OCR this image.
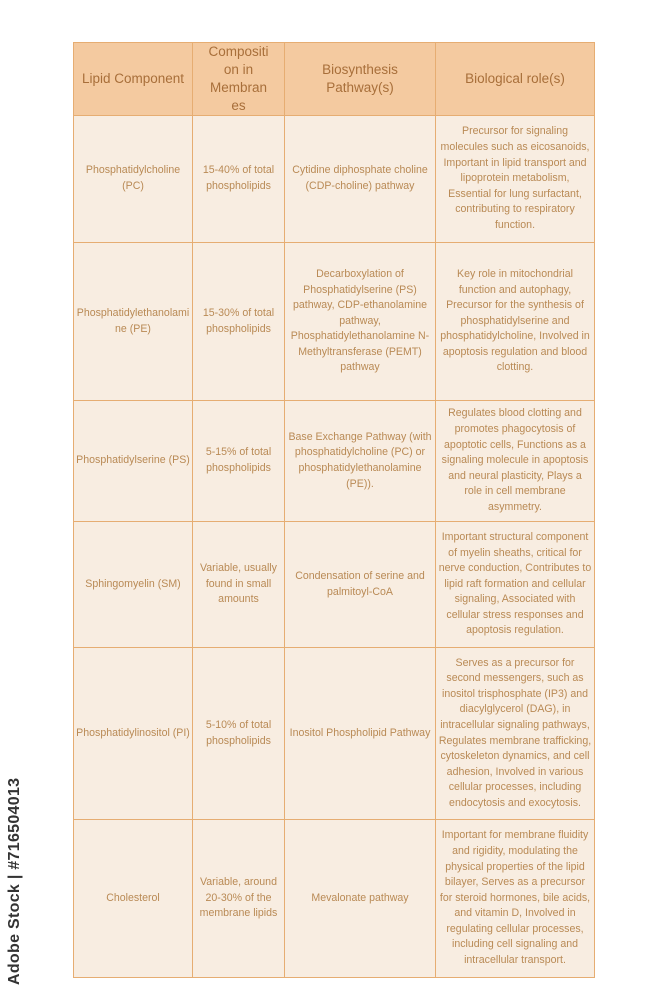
Lipid Component	Composition in Membranes	Biosynthesis Pathway(s)	Biological role(s)
Phosphatidylcholine (PC)	15-40% of total phospholipids	Cytidine diphosphate choline (CDP-choline) pathway	Precursor for signaling molecules such as eicosanoids, Important in lipid transport and lipoprotein metabolism, Essential for lung surfactant, contributing to respiratory function.
Phosphatidylethanolamine (PE)	15-30% of total phospholipids	Decarboxylation of Phosphatidylserine (PS) pathway, CDP-ethanolamine pathway, Phosphatidylethanolamine N-Methyltransferase (PEMT) pathway	Key role in mitochondrial function and autophagy, Precursor for the synthesis of phosphatidylserine and phosphatidylcholine, Involved in apoptosis regulation and blood clotting.
Phosphatidylserine (PS)	5-15% of total phospholipids	Base Exchange Pathway (with phosphatidylcholine (PC) or phosphatidylethanolamine (PE)).	Regulates blood clotting and promotes phagocytosis of apoptotic cells, Functions as a signaling molecule in apoptosis and neural plasticity, Plays a role in cell membrane asymmetry.
Sphingomyelin (SM)	Variable, usually found in small amounts	Condensation of serine and palmitoyl-CoA	Important structural component of myelin sheaths, critical for nerve conduction, Contributes to lipid raft formation and cellular signaling, Associated with cellular stress responses and apoptosis regulation.
Phosphatidylinositol (PI)	5-10% of total phospholipids	Inositol Phospholipid Pathway	Serves as a precursor for second messengers, such as inositol trisphosphate (IP3) and diacylglycerol (DAG), in intracellular signaling pathways, Regulates membrane trafficking, cytoskeleton dynamics, and cell adhesion, Involved in various cellular processes, including endocytosis and exocytosis.
Cholesterol	Variable, around 20-30% of the membrane lipids	Mevalonate pathway	Important for membrane fluidity and rigidity, modulating the physical properties of the lipid bilayer, Serves as a precursor for steroid hormones, bile acids, and vitamin D, Involved in regulating cellular processes, including cell signaling and intracellular transport.
Adobe Stock | #716504013
